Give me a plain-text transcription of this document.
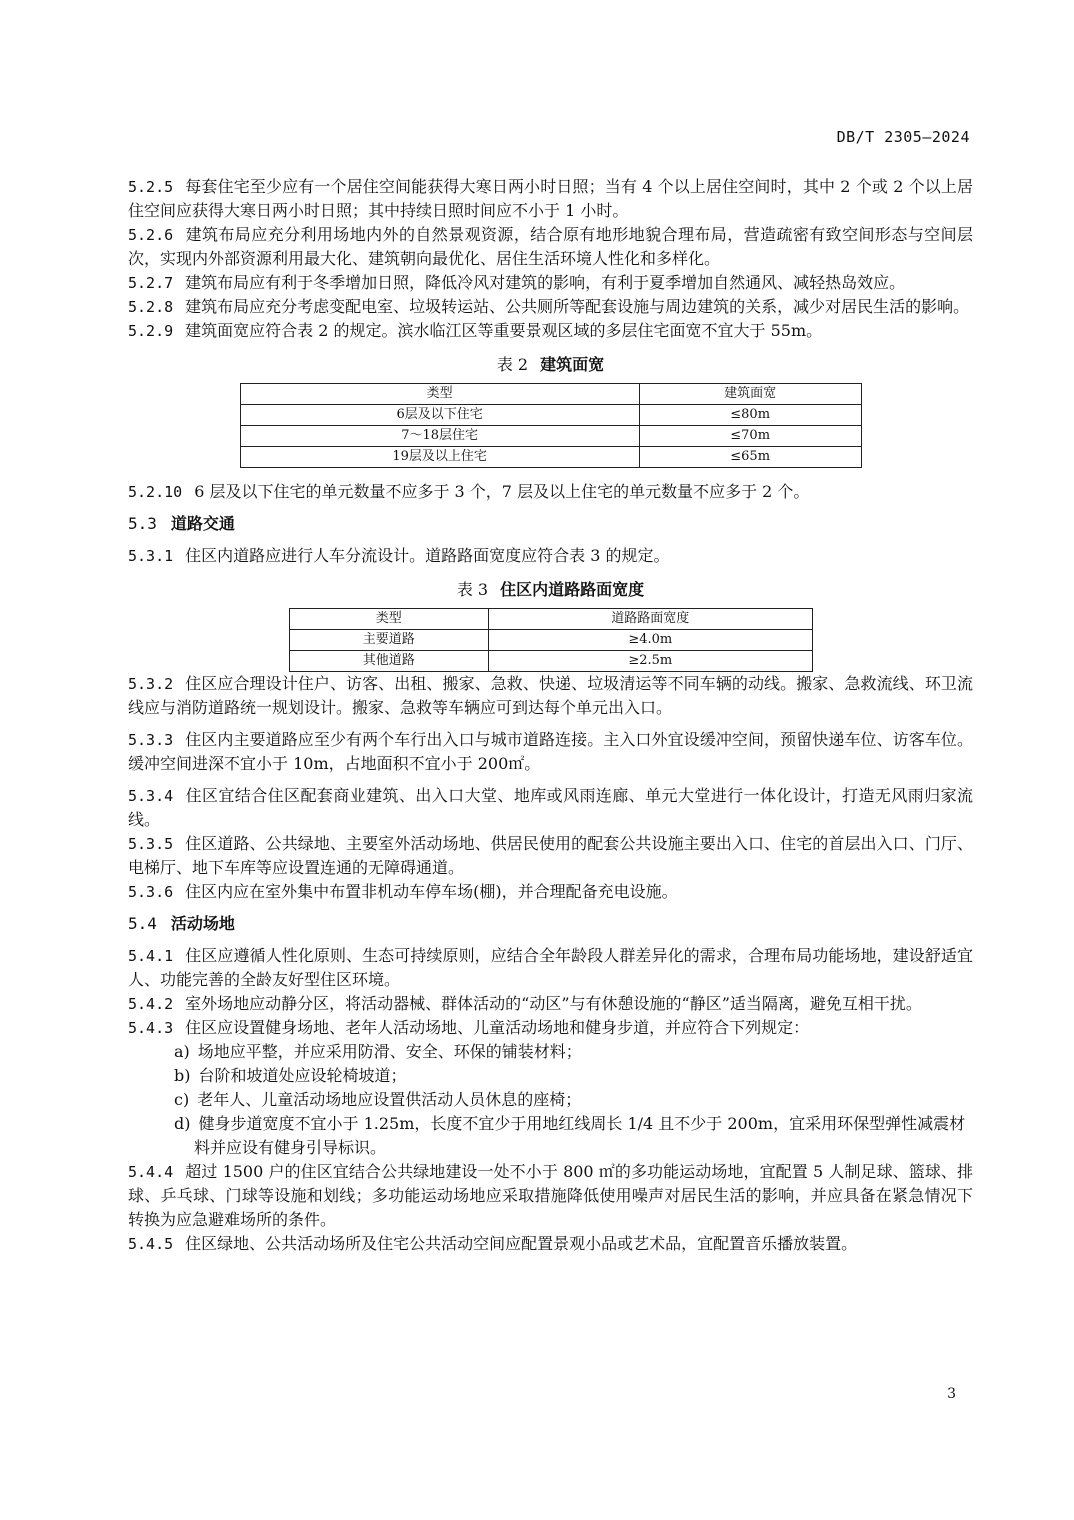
DB/T 2305—2024

5.2.5 每套住宅至少应有一个居住空间能获得大寒日两小时日照；当有 4 个以上居住空间时，其中 2 个或 2 个以上居住空间应获得大寒日两小时日照；其中持续日照时间应不小于 1 小时。

5.2.6 建筑布局应充分利用场地内外的自然景观资源，结合原有地形地貌合理布局，营造疏密有致空间形态与空间层次，实现内外部资源利用最大化、建筑朝向最优化、居住生活环境人性化和多样化。

5.2.7 建筑布局应有利于冬季增加日照，降低冷风对建筑的影响，有利于夏季增加自然通风、减轻热岛效应。

5.2.8 建筑布局应充分考虑变配电室、垃圾转运站、公共厕所等配套设施与周边建筑的关系，减少对居民生活的影响。

5.2.9 建筑面宽应符合表 2 的规定。滨水临江区等重要景观区域的多层住宅面宽不宜大于 55m。

表 2 建筑面宽
类型	建筑面宽
6层及以下住宅	≤80m
7～18层住宅	≤70m
19层及以上住宅	≤65m

5.2.10 6 层及以下住宅的单元数量不应多于 3 个，7 层及以上住宅的单元数量不应多于 2 个。

5.3 道路交通

5.3.1 住区内道路应进行人车分流设计。道路路面宽度应符合表 3 的规定。

表 3 住区内道路路面宽度
类型	道路路面宽度
主要道路	≥4.0m
其他道路	≥2.5m

5.3.2 住区应合理设计住户、访客、出租、搬家、急救、快递、垃圾清运等不同车辆的动线。搬家、急救流线、环卫流线应与消防道路统一规划设计。搬家、急救等车辆应可到达每个单元出入口。

5.3.3 住区内主要道路应至少有两个车行出入口与城市道路连接。主入口外宜设缓冲空间，预留快递车位、访客车位。缓冲空间进深不宜小于 10m，占地面积不宜小于 200㎡。

5.3.4 住区宜结合住区配套商业建筑、出入口大堂、地库或风雨连廊、单元大堂进行一体化设计，打造无风雨归家流线。

5.3.5 住区道路、公共绿地、主要室外活动场地、供居民使用的配套公共设施主要出入口、住宅的首层出入口、门厅、电梯厅、地下车库等应设置连通的无障碍通道。

5.3.6 住区内应在室外集中布置非机动车停车场(棚)，并合理配备充电设施。

5.4 活动场地

5.4.1 住区应遵循人性化原则、生态可持续原则，应结合全年龄段人群差异化的需求，合理布局功能场地，建设舒适宜人、功能完善的全龄友好型住区环境。

5.4.2 室外场地应动静分区，将活动器械、群体活动的“动区”与有休憩设施的“静区”适当隔离，避免互相干扰。

5.4.3 住区应设置健身场地、老年人活动场地、儿童活动场地和健身步道，并应符合下列规定：

a) 场地应平整，并应采用防滑、安全、环保的铺装材料；
b) 台阶和坡道处应设轮椅坡道；
c) 老年人、儿童活动场地应设置供活动人员休息的座椅；
d) 健身步道宽度不宜小于 1.25m，长度不宜少于用地红线周长 1/4 且不少于 200m，宜采用环保型弹性减震材料并应设有健身引导标识。

5.4.4 超过 1500 户的住区宜结合公共绿地建设一处不小于 800 ㎡的多功能运动场地，宜配置 5 人制足球、篮球、排球、乒乓球、门球等设施和划线；多功能运动场地应采取措施降低使用噪声对居民生活的影响，并应具备在紧急情况下转换为应急避难场所的条件。

5.4.5 住区绿地、公共活动场所及住宅公共活动空间应配置景观小品或艺术品，宜配置音乐播放装置。

3
